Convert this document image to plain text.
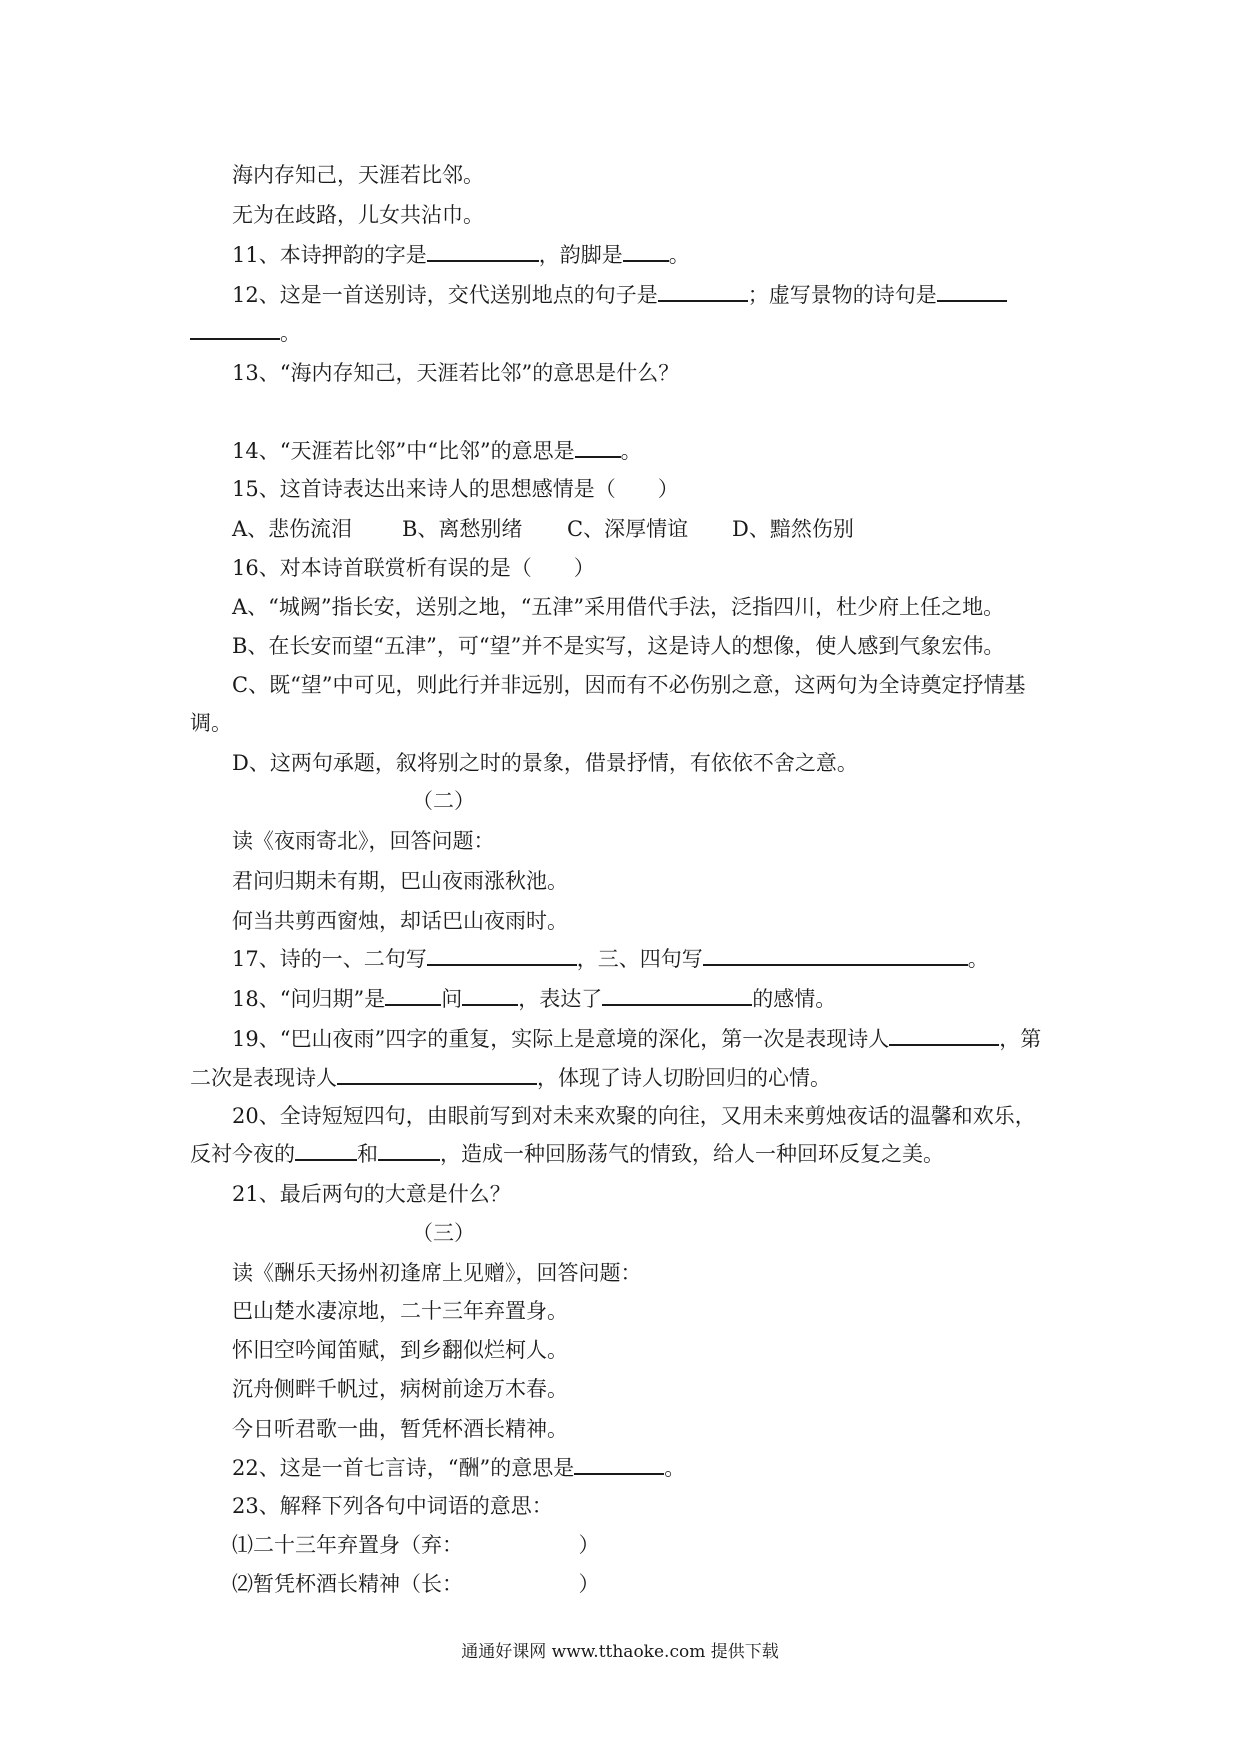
海内存知己，天涯若比邻。
无为在歧路，儿女共沾巾。
11、本诗押韵的字是	，韵脚是 。
12、这是一首送别诗，交代送别地点的句子是	；虚写景物的诗句是
。
13、“海内存知己，天涯若比邻”的意思是什么？
14、“天涯若比邻”中“比邻”的意思是 。
15、这首诗表达出来诗人的思想感情是（　　）
A、悲伤流泪 B、离愁别绪 C、深厚情谊 D、黯然伤别
16、对本诗首联赏析有误的是（　　）
A、“城阙”指长安，送别之地，“五津”采用借代手法，泛指四川，杜少府上任之地。
B、在长安而望“五津”，可“望”并不是实写，这是诗人的想像，使人感到气象宏伟。
C、既“望”中可见，则此行并非远别，因而有不必伤别之意，这两句为全诗奠定抒情基
调。
D、这两句承题，叙将别之时的景象，借景抒情，有依依不舍之意。
（二）
读《夜雨寄北》，回答问题：
君问归期未有期，巴山夜雨涨秋池。
何当共剪西窗烛，却话巴山夜雨时。
17、诗的一、二句写	，三、四句写	。
18、“问归期”是	问	，表达了	的感情。
19、“巴山夜雨”四字的重复，实际上是意境的深化，第一次是表现诗人	，第
二次是表现诗人	，体现了诗人切盼回归的心情。
20、全诗短短四句，由眼前写到对未来欢聚的向往，又用未来剪烛夜话的温馨和欢乐，
反衬今夜的	和	，造成一种回肠荡气的情致，给人一种回环反复之美。
21、最后两句的大意是什么？
（三）
读《酬乐天扬州初逢席上见赠》，回答问题：
巴山楚水凄凉地，二十三年弃置身。
怀旧空吟闻笛赋，到乡翻似烂柯人。
沉舟侧畔千帆过，病树前途万木春。
今日听君歌一曲，暂凭杯酒长精神。
22、这是一首七言诗，“酬”的意思是	。
23、解释下列各句中词语的意思：
⑴二十三年弃置身（弃：　　　　　　）
⑵暂凭杯酒长精神（长：　　　　　　）
通通好课网 www.tthaoke.com 提供下载
